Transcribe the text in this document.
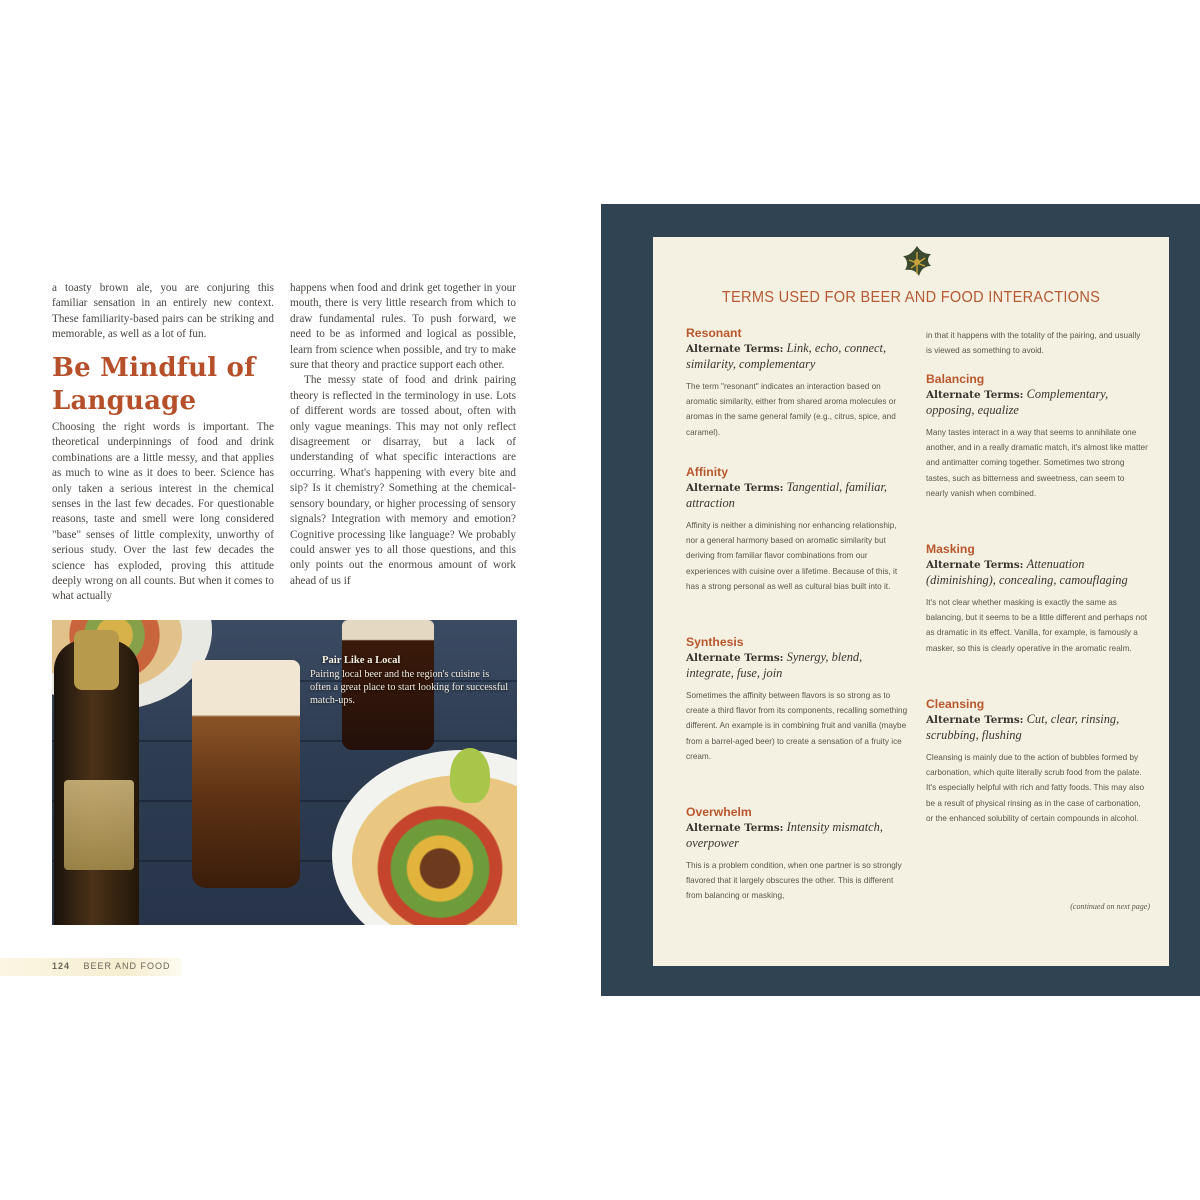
a toasty brown ale, you are conjuring this familiar sensation in an entirely new context. These familiarity-based pairs can be striking and memorable, as well as a lot of fun.

Be Mindful of Language

Choosing the right words is important. The theoretical underpinnings of food and drink combinations are a little messy, and that applies as much to wine as it does to beer. Science has only taken a serious interest in the chemical senses in the last few decades. For questionable reasons, taste and smell were long considered "base" senses of little complexity, unworthy of serious study. Over the last few decades the science has exploded, proving this attitude deeply wrong on all counts. But when it comes to what actually

happens when food and drink get together in your mouth, there is very little research from which to draw fundamental rules. To push forward, we need to be as informed and logical as possible, learn from science when possible, and try to make sure that theory and practice support each other.

The messy state of food and drink pairing theory is reflected in the terminology in use. Lots of different words are tossed about, often with only vague meanings. This may not only reflect disagreement or disarray, but a lack of understanding of what specific interactions are occurring. What's happening with every bite and sip? Is it chemistry? Something at the chemical-sensory boundary, or higher processing of sensory signals? Integration with memory and emotion? Cognitive processing like language? We probably could answer yes to all those questions, and this only points out the enormous amount of work ahead of us if

Pair Like a Local
Pairing local beer and the region's cuisine is often a great place to start looking for successful match-ups.
124 BEER AND FOOD
TERMS USED FOR BEER AND FOOD INTERACTIONS
Resonant
Alternate Terms: Link, echo, connect, similarity, complementary
The term "resonant" indicates an interaction based on aromatic similarity, either from shared aroma molecules or aromas in the same general family (e.g., citrus, spice, and caramel).
Affinity
Alternate Terms: Tangential, familiar, attraction
Affinity is neither a diminishing nor enhancing relationship, nor a general harmony based on aromatic similarity but deriving from familiar flavor combinations from our experiences with cuisine over a lifetime. Because of this, it has a strong personal as well as cultural bias built into it.
Synthesis
Alternate Terms: Synergy, blend, integrate, fuse, join
Sometimes the affinity between flavors is so strong as to create a third flavor from its components, recalling something different. An example is in combining fruit and vanilla (maybe from a barrel-aged beer) to create a sensation of a fruity ice cream.
Overwhelm
Alternate Terms: Intensity mismatch, overpower
This is a problem condition, when one partner is so strongly flavored that it largely obscures the other. This is different from balancing or masking,
in that it happens with the totality of the pairing, and usually is viewed as something to avoid.
Balancing
Alternate Terms: Complementary, opposing, equalize
Many tastes interact in a way that seems to annihilate one another, and in a really dramatic match, it's almost like matter and antimatter coming together. Sometimes two strong tastes, such as bitterness and sweetness, can seem to nearly vanish when combined.
Masking
Alternate Terms: Attenuation (diminishing), concealing, camouflaging
It's not clear whether masking is exactly the same as balancing, but it seems to be a little different and perhaps not as dramatic in its effect. Vanilla, for example, is famously a masker, so this is clearly operative in the aromatic realm.
Cleansing
Alternate Terms: Cut, clear, rinsing, scrubbing, flushing
Cleansing is mainly due to the action of bubbles formed by carbonation, which quite literally scrub food from the palate. It's especially helpful with rich and fatty foods. This may also be a result of physical rinsing as in the case of carbonation, or the enhanced solubility of certain compounds in alcohol.
(continued on next page)
